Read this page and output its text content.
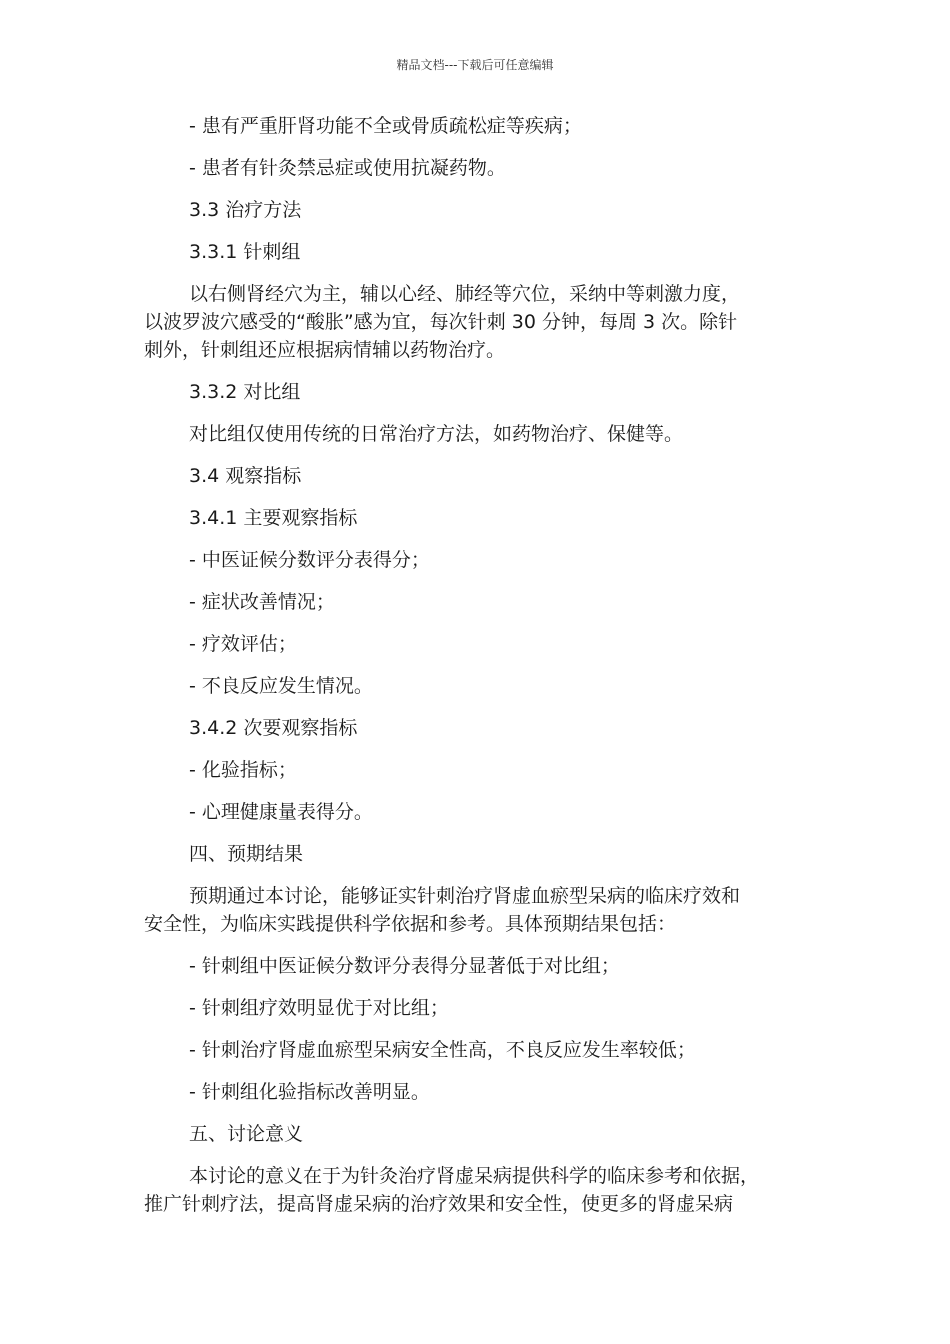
精品文档---下载后可任意编辑
- 患有严重肝肾功能不全或骨质疏松症等疾病；
- 患者有针灸禁忌症或使用抗凝药物。
3.3 治疗方法
3.3.1 针刺组
以右侧肾经穴为主，辅以心经、肺经等穴位，采纳中等刺激力度，
以波罗波穴感受的“酸胀”感为宜，每次针刺 30 分钟，每周 3 次。除针
刺外，针刺组还应根据病情辅以药物治疗。
3.3.2 对比组
对比组仅使用传统的日常治疗方法，如药物治疗、保健等。
3.4 观察指标
3.4.1 主要观察指标
- 中医证候分数评分表得分；
- 症状改善情况；
- 疗效评估；
- 不良反应发生情况。
3.4.2 次要观察指标
- 化验指标；
- 心理健康量表得分。
四、预期结果
预期通过本讨论，能够证实针刺治疗肾虚血瘀型呆病的临床疗效和
安全性，为临床实践提供科学依据和参考。具体预期结果包括：
- 针刺组中医证候分数评分表得分显著低于对比组；
- 针刺组疗效明显优于对比组；
- 针刺治疗肾虚血瘀型呆病安全性高，不良反应发生率较低；
- 针刺组化验指标改善明显。
五、讨论意义
本讨论的意义在于为针灸治疗肾虚呆病提供科学的临床参考和依据，
推广针刺疗法，提高肾虚呆病的治疗效果和安全性，使更多的肾虚呆病
